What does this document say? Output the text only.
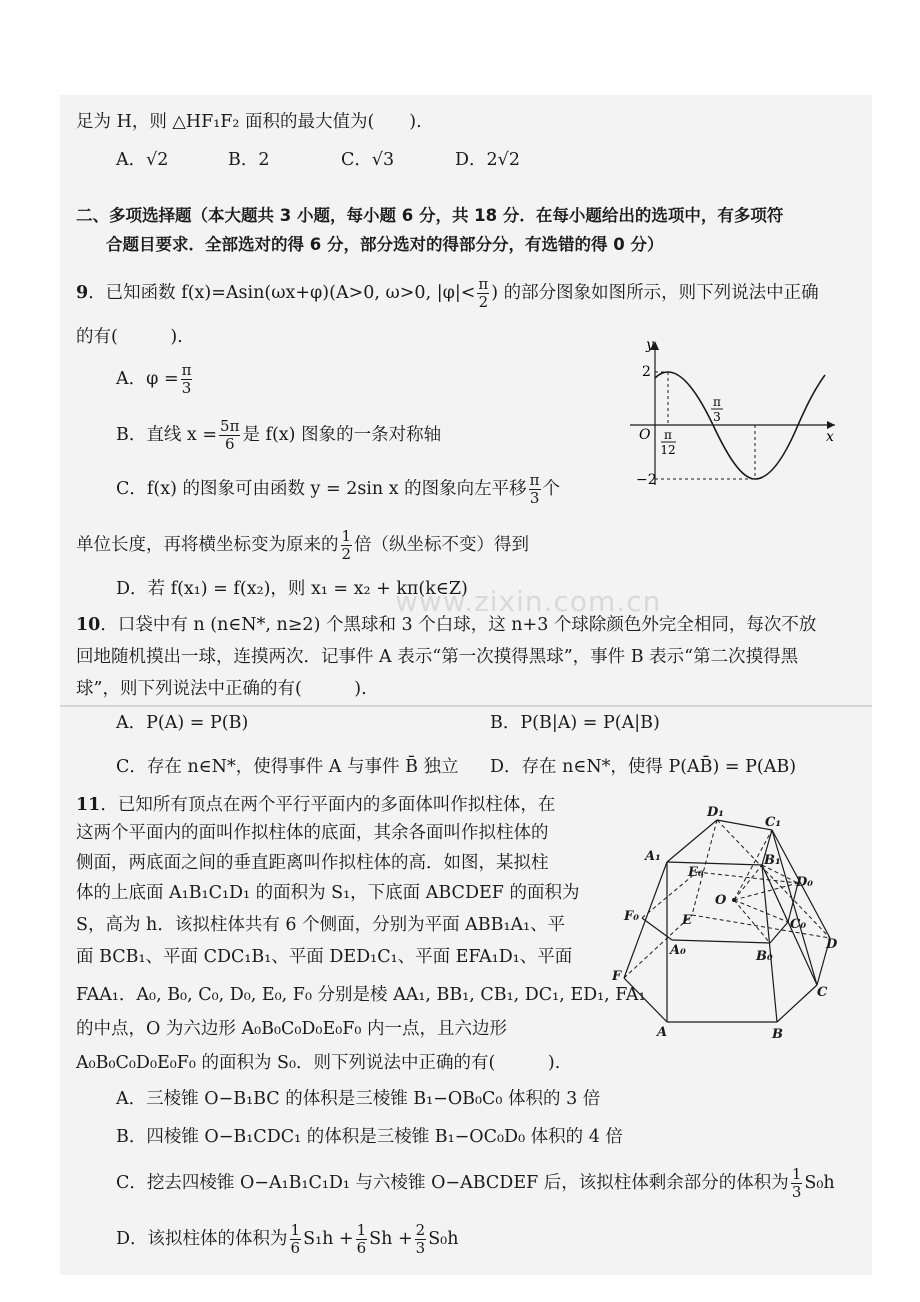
www.zixin.com.cn
足为 H，则 △HF₁F₂ 面积的最大值为(　　).
A．√2	B．2	C．√3	D．2√2
二、多项选择题（本大题共 3 小题，每小题 6 分，共 18 分．在每小题给出的选项中，有多项符
合题目要求．全部选对的得 6 分，部分选对的得部分分，有选错的得 0 分）
9．已知函数 f(x)=Asin(ωx+φ)(A>0, ω>0, $|\varphi|< \frac{\pi}{2}$ ) 的部分图象如图所示，则下列说法中正确
的有(　　　).
A．$\varphi = \frac{\pi}{3}$
B．直线 $x = \frac{5\pi}{6}$ 是 f(x) 图象的一条对称轴
C．f(x) 的图象可由函数 y = 2sin x 的图象向左平移 $\frac{\pi}{3}$ 个
单位长度，再将横坐标变为原来的 $\frac{1}{2}$ 倍（纵坐标不变）得到
D．若 f(x₁) = f(x₂)，则 x₁ = x₂ + kπ(k∈Z)
y
x
O
2
−2
π
12
π
3
10．口袋中有 n (n∈N*, n≥2) 个黑球和 3 个白球，这 n+3 个球除颜色外完全相同，每次不放
回地随机摸出一球，连摸两次．记事件 A 表示“第一次摸得黑球”，事件 B 表示“第二次摸得黑
球”，则下列说法中正确的有(　　　).
A．P(A) = P(B)	B．P(B|A) = P(A|B)
C．存在 n∈N*，使得事件 A 与事件 B̄ 独立 D．存在 n∈N*，使得 P(AB̄) = P(AB)
11．已知所有顶点在两个平行平面内的多面体叫作拟柱体，在
这两个平面内的面叫作拟柱体的底面，其余各面叫作拟柱体的
侧面，两底面之间的垂直距离叫作拟柱体的高．如图，某拟柱
体的上底面 A₁B₁C₁D₁ 的面积为 S₁，下底面 ABCDEF 的面积为
S，高为 h．该拟柱体共有 6 个侧面，分别为平面 ABB₁A₁、平
面 BCB₁、平面 CDC₁B₁、平面 DED₁C₁、平面 EFA₁D₁、平面
FAA₁．A₀, B₀, C₀, D₀, E₀, F₀ 分别是棱 AA₁, BB₁, CB₁, DC₁, ED₁, FA₁
的中点，O 为六边形 A₀B₀C₀D₀E₀F₀ 内一点，且六边形
A₀B₀C₀D₀E₀F₀ 的面积为 S₀．则下列说法中正确的有(　　　).
A．三棱锥 O−B₁BC 的体积是三棱锥 B₁−OB₀C₀ 体积的 3 倍
B．四棱锥 O−B₁CDC₁ 的体积是三棱锥 B₁−OC₀D₀ 体积的 4 倍
C．挖去四棱锥 O−A₁B₁C₁D₁ 与六棱锥 O−ABCDEF 后，该拟柱体剩余部分的体积为 $\frac{1}{3} S_0h$
D．该拟柱体的体积为 $\frac{1}{6} S_1h + \frac{1}{6}$ $Sh + \frac{2}{3} S_0h$
D₁
C₁
A₁	B₁
E₀
D₀
O
F₀	E	C₀
A₀	B₀
D
F
C
A	B
